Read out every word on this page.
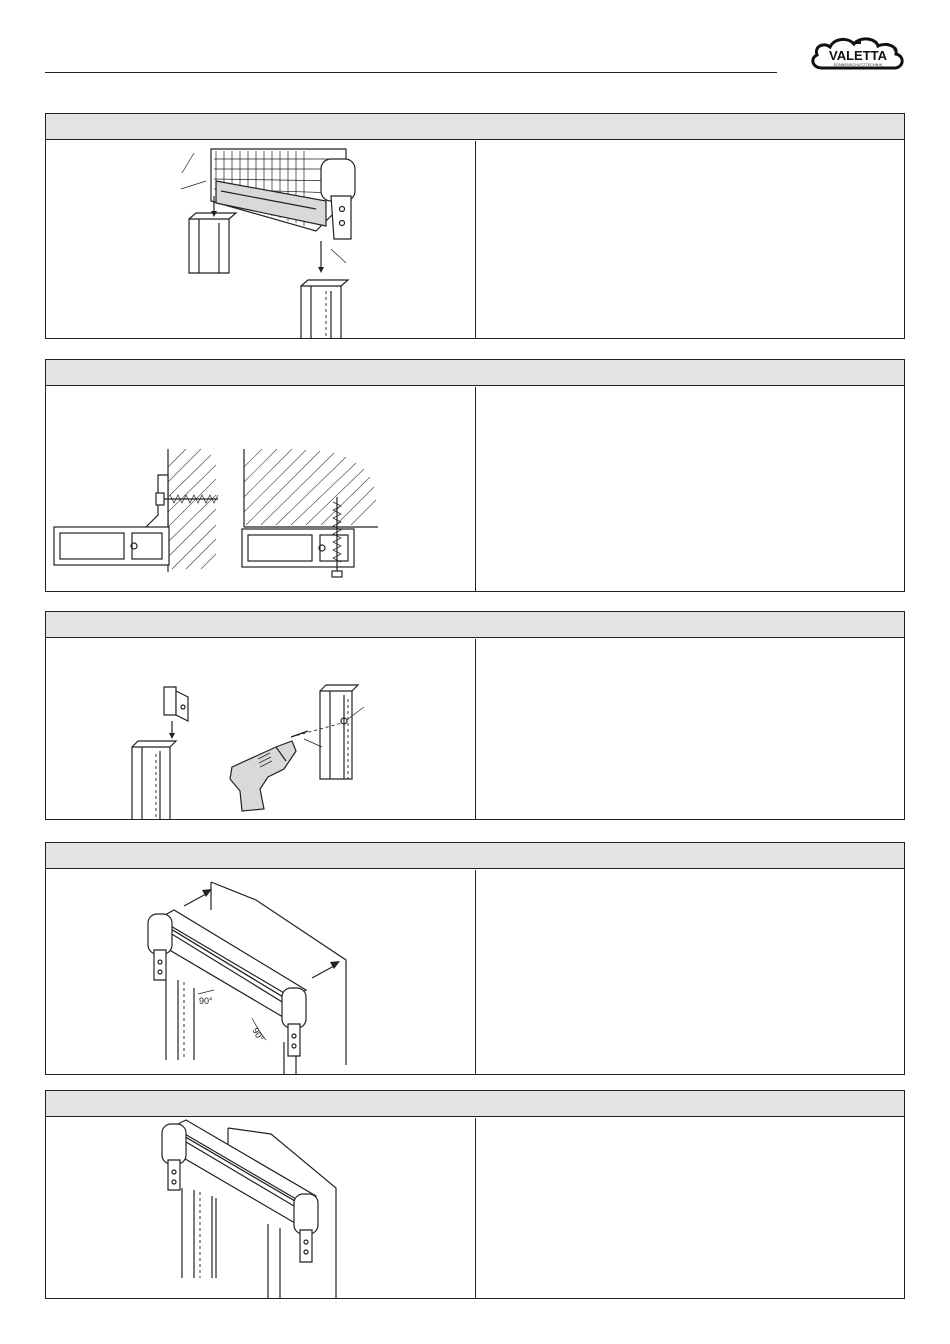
VALETTA ®
SONNENSCHUTZTECHNIK
90°
90°
